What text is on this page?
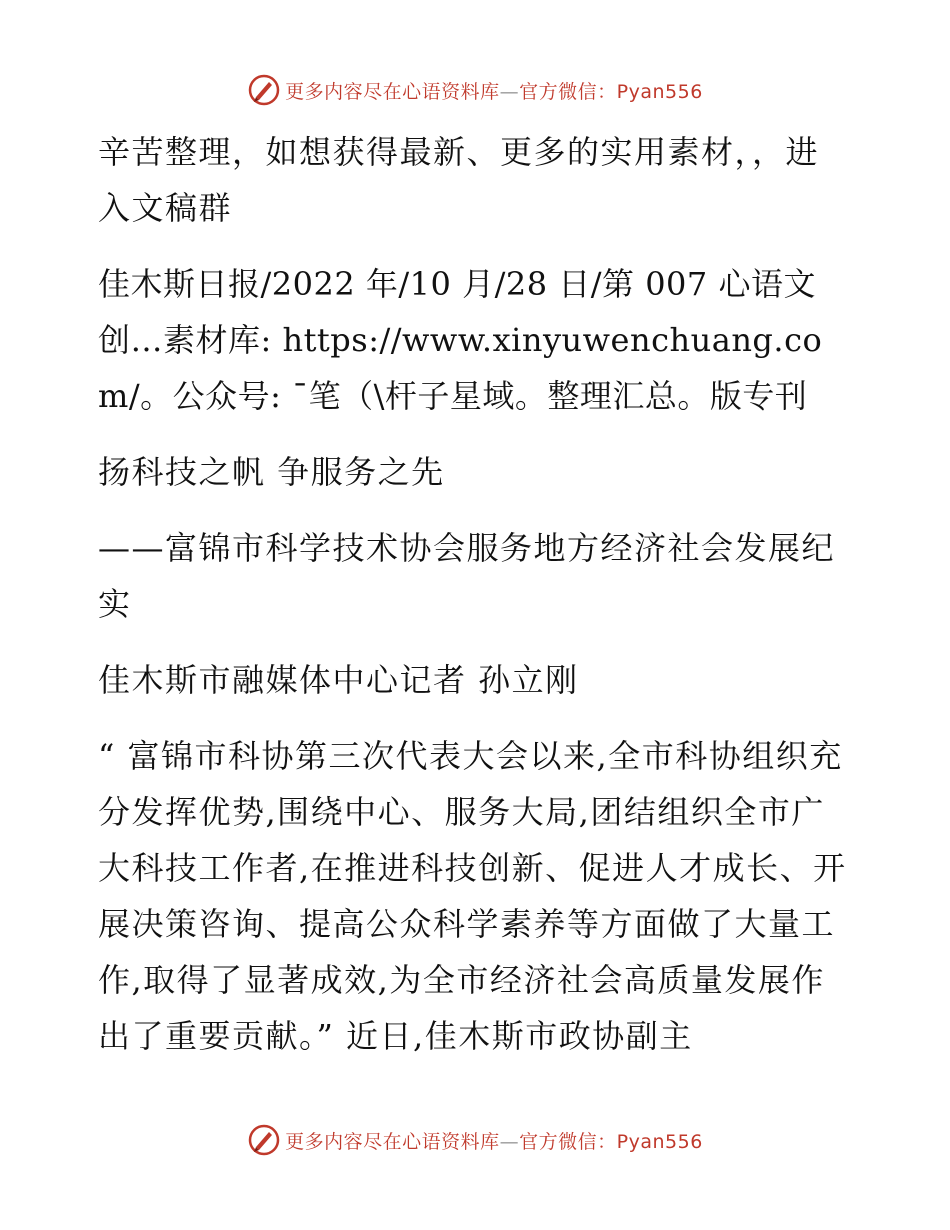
更多内容尽在心语资料库—官方微信：Pyan556

辛苦整理，如想获得最新、更多的实用素材，，进入文稿群

佳木斯日报/2022 年/10 月/28 日/第 007 心语文创…素材库: https://www.xinyuwenchuang.com/。公众号: ¯笔（\杆子星域。整理汇总。版专刊

扬科技之帆 争服务之先

——富锦市科学技术协会服务地方经济社会发展纪实

佳木斯市融媒体中心记者 孙立刚

“ 富锦市科协第三次代表大会以来,全市科协组织充分发挥优势,围绕中心、服务大局,团结组织全市广大科技工作者,在推进科技创新、促进人才成长、开展决策咨询、提高公众科学素养等方面做了大量工作,取得了显著成效,为全市经济社会高质量发展作出了重要贡献。” 近日,佳木斯市政协副主

更多内容尽在心语资料库—官方微信：Pyan556
